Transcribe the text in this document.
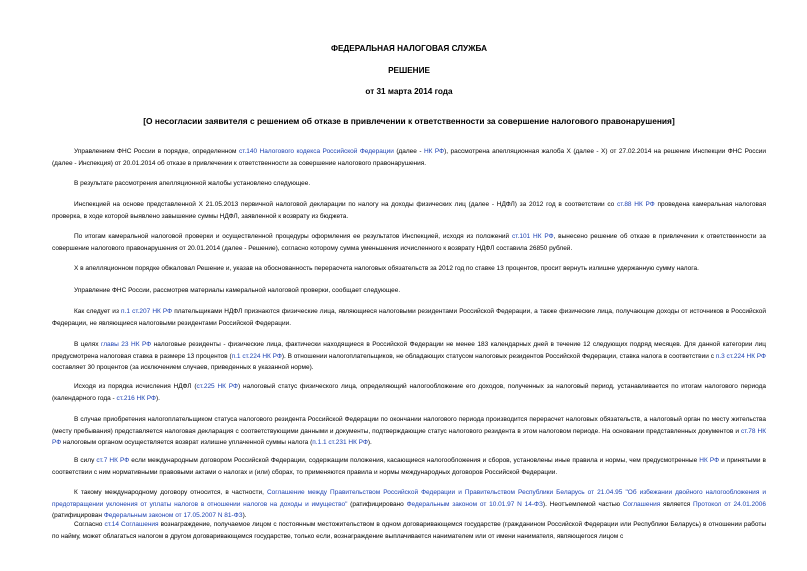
ФЕДЕРАЛЬНАЯ НАЛОГОВАЯ СЛУЖБА
РЕШЕНИЕ
от 31 марта 2014 года
[О несогласии заявителя с решением об отказе в привлечении к ответственности за совершение налогового правонарушения]
Управлением ФНС России в порядке, определенном ст.140 Налогового кодекса Российской Федерации (далее - НК РФ), рассмотрена апелляционная жалоба Х (далее - Х) от 27.02.2014 на решение Инспекции ФНС России (далее - Инспекция) от 20.01.2014 об отказе в привлечении к ответственности за совершение налогового правонарушения.
В результате рассмотрения апелляционной жалобы установлено следующее.
Инспекцией на основе представленной Х 21.05.2013 первичной налоговой декларации по налогу на доходы физических лиц (далее - НДФЛ) за 2012 год в соответствии со ст.88 НК РФ проведена камеральная налоговая проверка, в ходе которой выявлено завышение суммы НДФЛ, заявленной к возврату из бюджета.
По итогам камеральной налоговой проверки и осуществленной процедуры оформления ее результатов Инспекцией, исходя из положений ст.101 НК РФ, вынесено решение об отказе в привлечении к ответственности за совершение налогового правонарушения от 20.01.2014 (далее - Решение), согласно которому сумма уменьшения исчисленного к возврату НДФЛ составила 26850 рублей.
Х в апелляционном порядке обжаловал Решение и, указав на обоснованность перерасчета налоговых обязательств за 2012 год по ставке 13 процентов, просит вернуть излишне удержанную сумму налога.
Управление ФНС России, рассмотрев материалы камеральной налоговой проверки, сообщает следующее.
Как следует из п.1 ст.207 НК РФ плательщиками НДФЛ признаются физические лица, являющиеся налоговыми резидентами Российской Федерации, а также физические лица, получающие доходы от источников в Российской Федерации, не являющиеся налоговыми резидентами Российской Федерации.
В целях главы 23 НК РФ налоговые резиденты - физические лица, фактически находящиеся в Российской Федерации не менее 183 календарных дней в течение 12 следующих подряд месяцев. Для данной категории лиц предусмотрена налоговая ставка в размере 13 процентов (п.1 ст.224 НК РФ). В отношении налогоплательщиков, не обладающих статусом налоговых резидентов Российской Федерации, ставка налога в соответствии с п.3 ст.224 НК РФ составляет 30 процентов (за исключением случаев, приведенных в указанной норме).
Исходя из порядка исчисления НДФЛ (ст.225 НК РФ) налоговый статус физического лица, определяющий налогообложение его доходов, полученных за налоговый период, устанавливается по итогам налогового периода (календарного года - ст.216 НК РФ).
В случае приобретения налогоплательщиком статуса налогового резидента Российской Федерации по окончании налогового периода производится перерасчет налоговых обязательств, а налоговый орган по месту жительства (месту пребывания) представляется налоговая декларация с соответствующими данными и документы, подтверждающие статус налогового резидента в этом налоговом периоде. На основании представленных документов и ст.78 НК РФ налоговым органом осуществляется возврат излишне уплаченной суммы налога (п.1.1 ст.231 НК РФ).
В силу ст.7 НК РФ если международным договором Российской Федерации, содержащим положения, касающиеся налогообложения и сборов, установлены иные правила и нормы, чем предусмотренные НК РФ и принятыми в соответствии с ним нормативными правовыми актами о налогах и (или) сборах, то применяются правила и нормы международных договоров Российской Федерации.
К такому международному договору относится, в частности, Соглашение между Правительством Российской Федерации и Правительством Республики Беларусь от 21.04.95 "Об избежании двойного налогообложения и предотвращении уклонения от уплаты налогов в отношении налогов на доходы и имущество" (ратифицировано Федеральным законом от 10.01.97 N 14-ФЗ). Неотъемлемой частью Соглашения является Протокол от 24.01.2006 (ратифицирован Федеральным законом от 17.05.2007 N 81-ФЗ).
Согласно ст.14 Соглашения вознаграждение, получаемое лицом с постоянным местожительством в одном договаривающемся государстве (гражданином Российской Федерации или Республики Беларусь) в отношении работы по найму, может облагаться налогом в другом договаривающемся государстве, только если, вознаграждение выплачивается нанимателем или от имени нанимателя, являющегося лицом с
